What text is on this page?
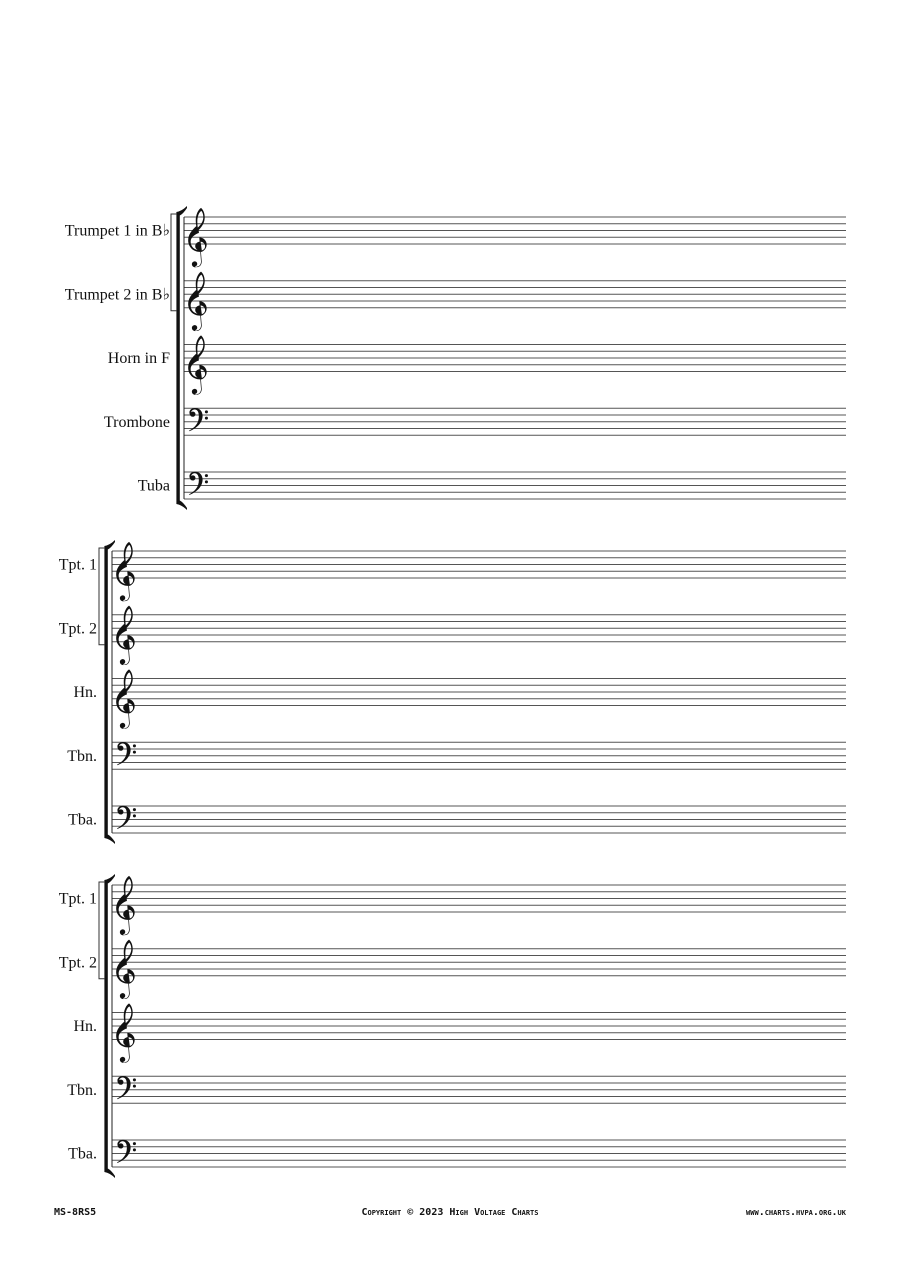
Trumpet 1 in B♭
Trumpet 2 in B♭
Horn in F
Trombone
Tuba
Tpt. 1
Tpt. 2
Hn.
Tbn.
Tba.
Tpt. 1
Tpt. 2
Hn.
Tbn.
Tba.
MS-8RS5	Copyright © 2023 High Voltage Charts	www.charts.hvpa.org.uk
